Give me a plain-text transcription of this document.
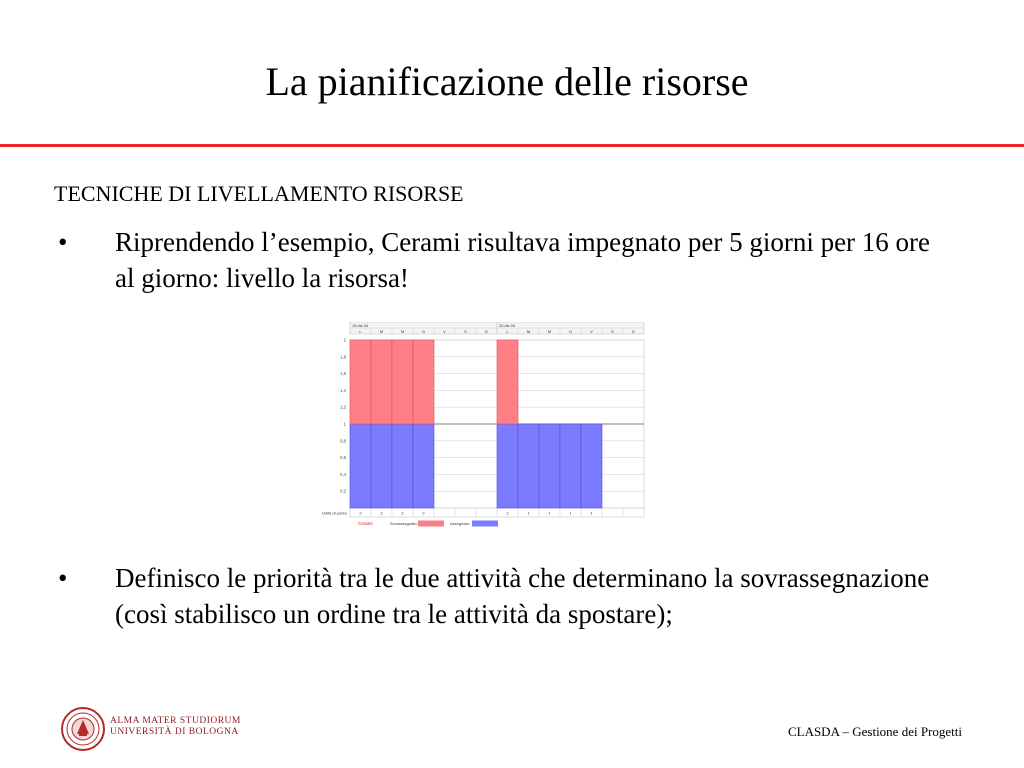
La pianificazione delle risorse
TECNICHE DI LIVELLAMENTO RISORSE
• Riprendendo l’esempio, Cerami risultava impegnato per 5 giorni per 16 ore al giorno: livello la risorsa!
15 dic 04	20 dic 04
L	M	M	G	V	S	D	L	M	M	G	V	S	D
2
1,8
1,6
1,4
1,2
1
0,8
0,6
0,4
0,2
Unità di punta	2	2	2	2	2	1	1	1	1
Cerami	Sovrassegnato:	Assegnato:
• Definisco le priorità tra le due attività che determinano la sovrassegnazione (così stabilisco un ordine tra le attività da spostare);
ALMA MATER STUDIORUM
UNIVERSITÀ DI BOLOGNA	CLASDA – Gestione dei Progetti
